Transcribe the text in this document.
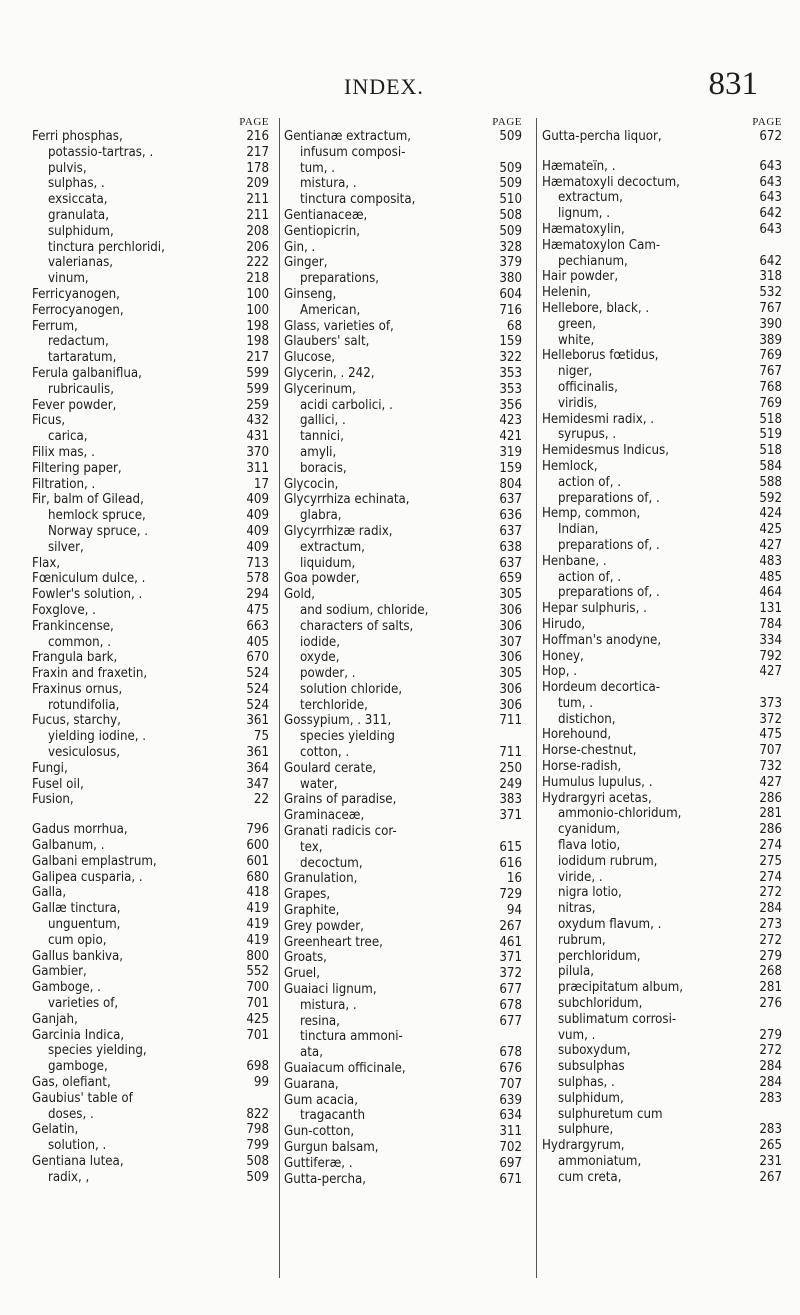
INDEX.	831
PAGE
Ferri phosphas,	216
potassio-tartras, .	217
pulvis,	178
sulphas, .	209
exsiccata,	211
granulata,	211
sulphidum,	208
tinctura perchloridi,	206
valerianas,	222
vinum,	218
Ferricyanogen,	100
Ferrocyanogen,	100
Ferrum,	198
redactum,	198
tartaratum,	217
Ferula galbaniflua,	599
rubricaulis,	599
Fever powder,	259
Ficus,	432
carica,	431
Filix mas, .	370
Filtering paper,	311
Filtration, .	17
Fir, balm of Gilead,	409
hemlock spruce,	409
Norway spruce, .	409
silver,	409
Flax,	713
Fœniculum dulce, .	578
Fowler's solution, .	294
Foxglove, .	475
Frankincense,	663
common, .	405
Frangula bark,	670
Fraxin and fraxetin,	524
Fraxinus ornus,	524
rotundifolia,	524
Fucus, starchy,	361
yielding iodine, .	75
vesiculosus,	361
Fungi,	364
Fusel oil,	347
Fusion,	22
Gadus morrhua,	796
Galbanum, .	600
Galbani emplastrum,	601
Galipea cusparia, .	680
Galla,	418
Gallæ tinctura,	419
unguentum,	419
cum opio,	419
Gallus bankiva,	800
Gambier,	552
Gamboge, .	700
varieties of,	701
Ganjah,	425
Garcinia Indica,	701
species yielding,
gamboge,	698
Gas, olefiant,	99
Gaubius' table of
doses, .	822
Gelatin,	798
solution, .	799
Gentiana lutea,	508
radix, ,	509
PAGE
Gentianæ extractum,	509
infusum composi-
tum, .	509
mistura, .	509
tinctura composita,	510
Gentianaceæ,	508
Gentiopicrin,	509
Gin, .	328
Ginger,	379
preparations,	380
Ginseng,	604
American,	716
Glass, varieties of,	68
Glaubers' salt,	159
Glucose,	322
Glycerin, . 242,	353
Glycerinum,	353
acidi carbolici, .	356
gallici, .	423
tannici,	421
amyli,	319
boracis,	159
Glycocin,	804
Glycyrrhiza echinata,	637
glabra,	636
Glycyrrhizæ radix,	637
extractum,	638
liquidum,	637
Goa powder,	659
Gold,	305
and sodium, chloride,	306
characters of salts,	306
iodide,	307
oxyde,	306
powder, .	305
solution chloride,	306
terchloride,	306
Gossypium, . 311,	711
species yielding
cotton, .	711
Goulard cerate,	250
water,	249
Grains of paradise,	383
Graminaceæ,	371
Granati radicis cor-
tex,	615
decoctum,	616
Granulation,	16
Grapes,	729
Graphite,	94
Grey powder,	267
Greenheart tree,	461
Groats,	371
Gruel,	372
Guaiaci lignum,	677
mistura, .	678
resina,	677
tinctura ammoni-
ata,	678
Guaiacum officinale,	676
Guarana,	707
Gum acacia,	639
tragacanth	634
Gun-cotton,	311
Gurgun balsam,	702
Guttiferæ, .	697
Gutta-percha,	671
PAGE
Gutta-percha liquor,	672
Hæmateïn, .	643
Hæmatoxyli decoctum,	643
extractum,	643
lignum, .	642
Hæmatoxylin,	643
Hæmatoxylon Cam-
pechianum,	642
Hair powder,	318
Helenin,	532
Hellebore, black, .	767
green,	390
white,	389
Helleborus fœtidus,	769
niger,	767
officinalis,	768
viridis,	769
Hemidesmi radix, .	518
syrupus, .	519
Hemidesmus Indicus,	518
Hemlock,	584
action of, .	588
preparations of, .	592
Hemp, common,	424
Indian,	425
preparations of, .	427
Henbane, .	483
action of, .	485
preparations of, .	464
Hepar sulphuris, .	131
Hirudo,	784
Hoffman's anodyne,	334
Honey,	792
Hop, .	427
Hordeum decortica-
tum, .	373
distichon,	372
Horehound,	475
Horse-chestnut,	707
Horse-radish,	732
Humulus lupulus, .	427
Hydrargyri acetas,	286
ammonio-chloridum,	281
cyanidum,	286
flava lotio,	274
iodidum rubrum,	275
viride, .	274
nigra lotio,	272
nitras,	284
oxydum flavum, .	273
rubrum,	272
perchloridum,	279
pilula,	268
præcipitatum album,	281
subchloridum,	276
sublimatum corrosi-
vum, .	279
suboxydum,	272
subsulphas	284
sulphas, .	284
sulphidum,	283
sulphuretum cum
sulphure,	283
Hydrargyrum,	265
ammoniatum,	231
cum creta,	267
